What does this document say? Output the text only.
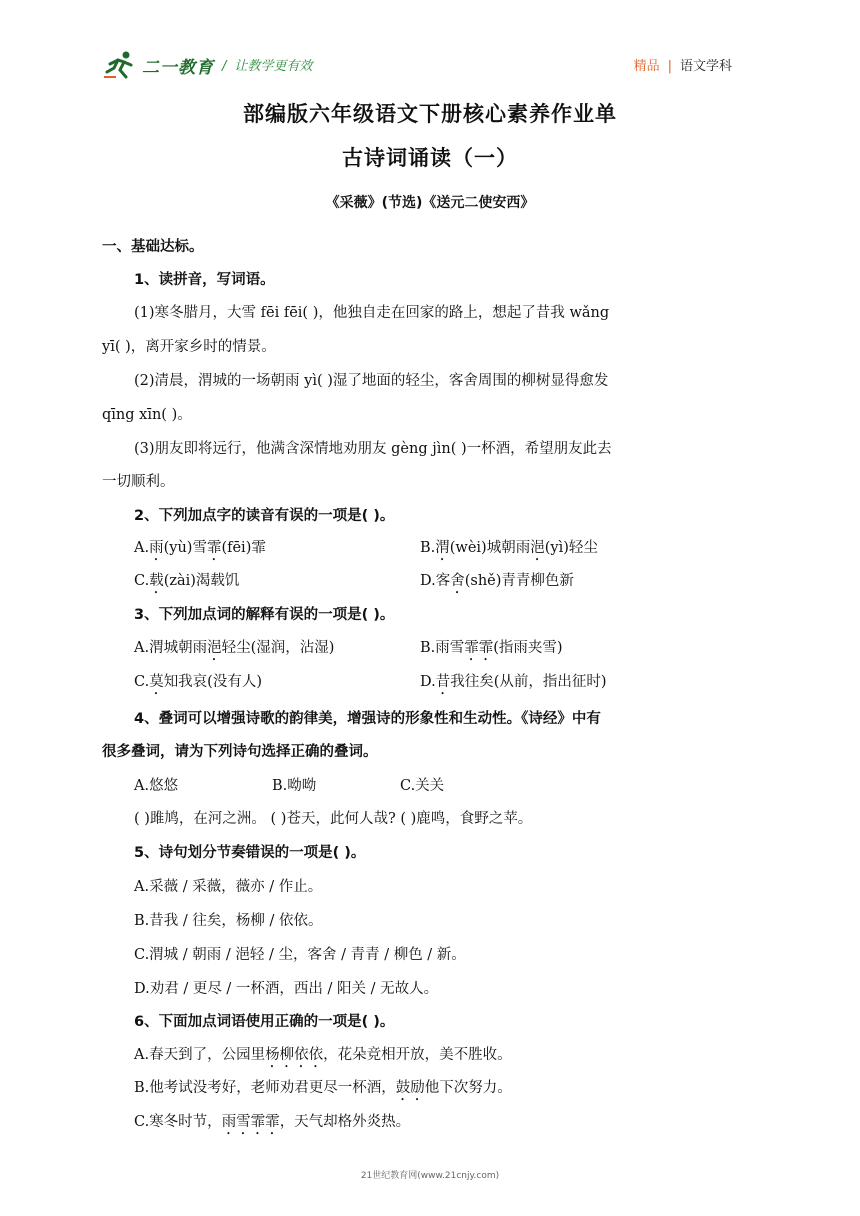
二一教育 / 让教学更有效	精品 | 语文学科
部编版六年级语文下册核心素养作业单
古诗词诵读（一）
《采薇》(节选)《送元二使安西》
一、基础达标。
1、读拼音，写词语。
(1)寒冬腊月，大雪 fēi fēi( )，他独自走在回家的路上，想起了昔我 wǎng
yī( )，离开家乡时的情景。
(2)清晨，渭城的一场朝雨 yì( )湿了地面的轻尘，客舍周围的柳树显得愈发
qīng xīn( )。
(3)朋友即将远行，他满含深情地劝朋友 gèng jìn( )一杯酒，希望朋友此去
一切顺利。
2、下列加点字的读音有误的一项是( )。
A.雨(yù)雪霏(fēi)霏	B.渭(wèi)城朝雨浥(yì)轻尘
C.载(zài)渴载饥	D.客舍(shě)青青柳色新
3、下列加点词的解释有误的一项是( )。
A.渭城朝雨浥轻尘(湿润，沾湿)	B.雨雪霏霏(指雨夹雪)
C.莫知我哀(没有人)	D.昔我往矣(从前，指出征时)
4、叠词可以增强诗歌的韵律美，增强诗的形象性和生动性。《诗经》中有
很多叠词，请为下列诗句选择正确的叠词。
A.悠悠	B.呦呦	C.关关
( )雎鸠，在河之洲。 ( )苍天，此何人哉? ( )鹿鸣，食野之苹。
5、诗句划分节奏错误的一项是( )。
A.采薇 / 采薇，薇亦 / 作止。
B.昔我 / 往矣，杨柳 / 依依。
C.渭城 / 朝雨 / 浥轻 / 尘，客舍 / 青青 / 柳色 / 新。
D.劝君 / 更尽 / 一杯酒，西出 / 阳关 / 无故人。
6、下面加点词语使用正确的一项是( )。
A.春天到了，公园里杨柳依依，花朵竞相开放，美不胜收。
B.他考试没考好，老师劝君更尽一杯酒，鼓励他下次努力。
C.寒冬时节，雨雪霏霏，天气却格外炎热。
21世纪教育网(www.21cnjy.com)
